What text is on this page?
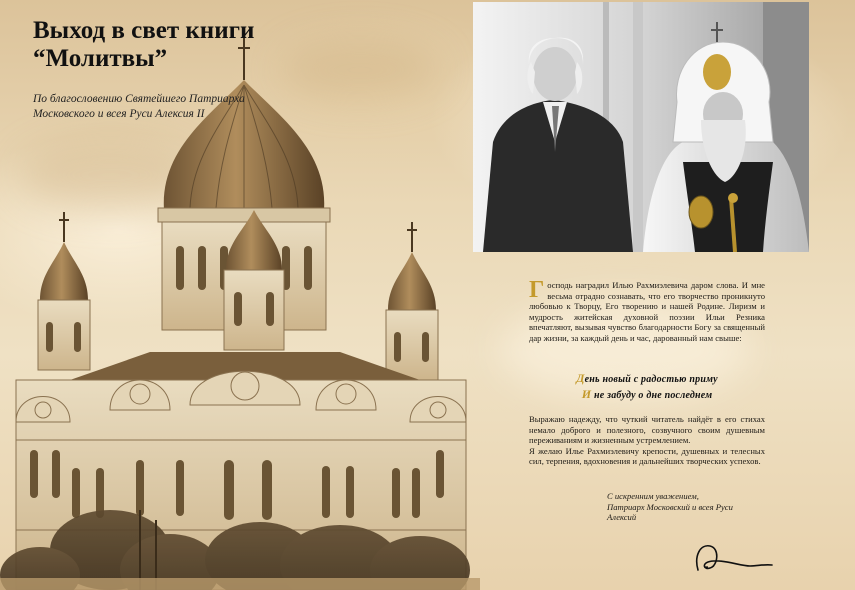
Выход в свет книги
“Молитвы”
По благословению Святейшего Патриарха
Московского и всея Руси Алексия II

Господь наградил Илью Рахмиэлевича даром слова. И мне весьма отрадно сознавать, что его творчество проникнуто любовью к Творцу, Его творению и нашей Родине. Лиризм и мудрость житейская духовной поэзии Ильи Резника впечатляют, вызывая чувство благодарности Богу за священный дар жизни, за каждый день и час, дарованный нам свыше:

День новый с радостью приму
И не забуду о дне последнем

Выражаю надежду, что чуткий читатель найдёт в его стихах немало доброго и полезного, созвучного своим душевным переживаниям и жизненным устремлением.

Я желаю Илье Рахмиэлевичу крепости, душевных и телесных сил, терпения, вдохновения и дальнейших творческих успехов.

С искренним уважением,
Патриарх Московский и всея Руси
Алексий
